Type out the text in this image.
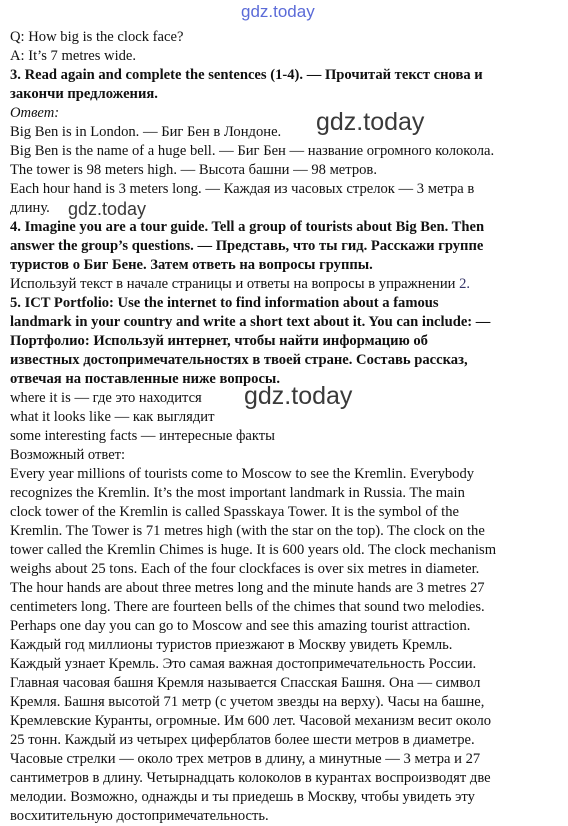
gdz.today
Q: How big is the clock face?
A: It’s 7 metres wide.
3. Read again and complete the sentences (1-4). — Прочитай текст снова и
закончи предложения.
Ответ:
Big Ben is in London. — Биг Бен в Лондоне.
Big Ben is the name of a huge bell. — Биг Бен — название огромного колокола.
The tower is 98 meters high. — Высота башни — 98 метров.
Each hour hand is 3 meters long. — Каждая из часовых стрелок — 3 метра в
длину.
4. Imagine you are a tour guide. Tell a group of tourists about Big Ben. Then
answer the group’s questions. — Представь, что ты гид. Расскажи группе
туристов о Биг Бене. Затем ответь на вопросы группы.
Используй текст в начале страницы и ответы на вопросы в упражнении 2.
5. ICT Portfolio: Use the internet to find information about a famous
landmark in your country and write a short text about it. You can include: —
Портфолио: Используй интернет, чтобы найти информацию об
известных достопримечательностях в твоей стране. Составь рассказ,
отвечая на поставленные ниже вопросы.
where it is — где это находится
what it looks like — как выглядит
some interesting facts — интересные факты
Возможный ответ:
Every year millions of tourists come to Moscow to see the Kremlin. Everybody
recognizes the Kremlin. It’s the most important landmark in Russia. The main
clock tower of the Kremlin is called Spasskaya Tower. It is the symbol of the
Kremlin. The Tower is 71 metres high (with the star on the top). The clock on the
tower called the Kremlin Chimes is huge. It is 600 years old. The clock mechanism
weighs about 25 tons. Each of the four clockfaces is over six metres in diameter.
The hour hands are about three metres long and the minute hands are 3 metres 27
centimeters long. There are fourteen bells of the chimes that sound two melodies.
Perhaps one day you can go to Moscow and see this amazing tourist attraction.
Каждый год миллионы туристов приезжают в Москву увидеть Кремль.
Каждый узнает Кремль. Это самая важная достопримечательность России.
Главная часовая башня Кремля называется Спасская Башня. Она — символ
Кремля. Башня высотой 71 метр (с учетом звезды на верху). Часы на башне,
Кремлевские Куранты, огромные. Им 600 лет. Часовой механизм весит около
25 тонн. Каждый из четырех циферблатов более шести метров в диаметре.
Часовые стрелки — около трех метров в длину, а минутные — 3 метра и 27
сантиметров в длину. Четырнадцать колоколов в курантах воспроизводят две
мелодии. Возможно, однажды и ты приедешь в Москву, чтобы увидеть эту
восхитительную достопримечательность.
gdz.today
gdz.today
gdz.today
